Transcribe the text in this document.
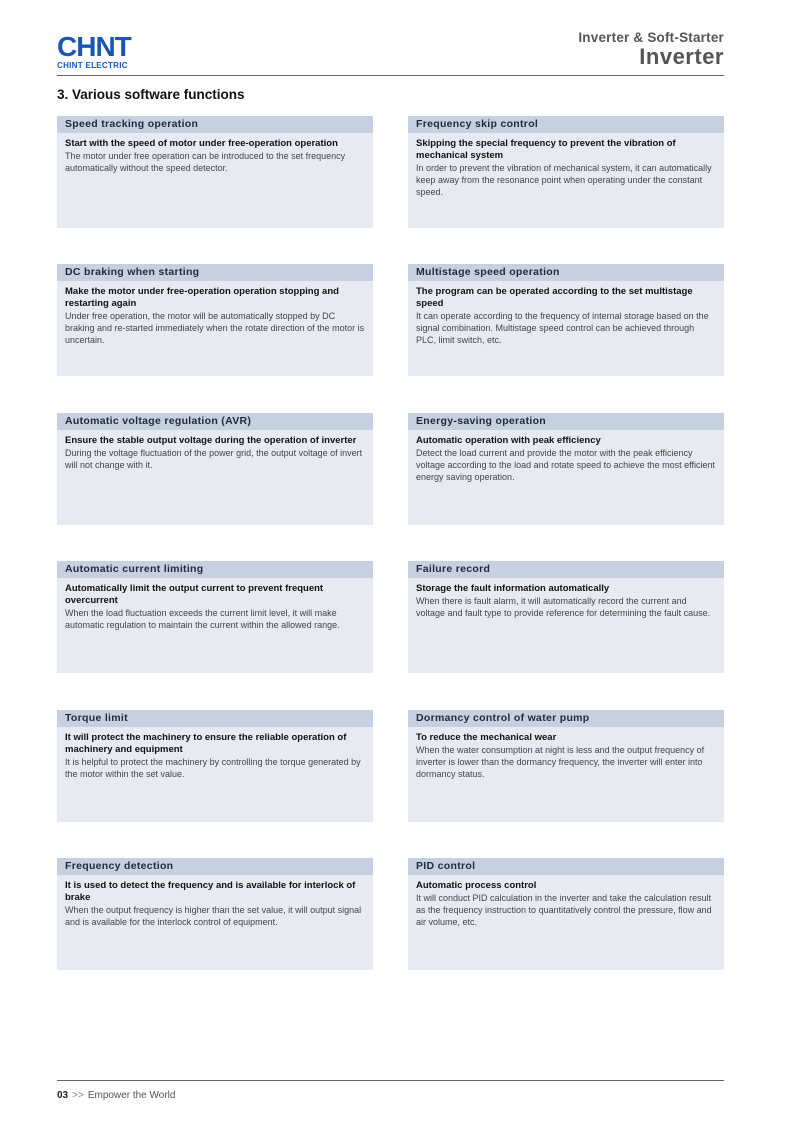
CHNT
CHINT ELECTRIC
Inverter & Soft-Starter
Inverter
3. Various software functions
Speed tracking operation
Start with the speed of motor under free-operation operation
The motor under free operation can be introduced to the set frequency automatically without the speed detector.
Frequency skip control
Skipping the special frequency to prevent the vibration of mechanical system
In order to prevent the vibration of mechanical system, it can automatically keep away from the resonance point when operating under the constant speed.
DC braking when starting
Make the motor under free-operation operation stopping and restarting again
Under free operation, the motor will be automatically stopped by DC braking and re-started immediately when the rotate direction of the motor is uncertain.
Multistage speed operation
The program can be operated according to the set multistage speed
It can operate according to the frequency of internal storage based on the signal combination. Multistage speed control can be achieved through PLC, limit switch, etc.
Automatic voltage regulation (AVR)
Ensure the stable output voltage during the operation of inverter
During the voltage fluctuation of the power grid, the output voltage of invert will not change with it.
Energy-saving operation
Automatic operation with peak efficiency
Detect the load current and provide the motor with the peak efficiency voltage according to the load and rotate speed to achieve the most efficient energy saving operation.
Automatic current limiting
Automatically limit the output current to prevent frequent overcurrent
When the load fluctuation exceeds the current limit level, it will make automatic regulation to maintain the current within the allowed range.
Failure record
Storage the fault information automatically
When there is fault alarm, it will automatically record the current and voltage and fault type to provide reference for determining the fault cause.
Torque limit
It will protect the machinery to ensure the reliable operation of machinery and equipment
It is helpful to protect the machinery by controlling the torque generated by the motor within the set value.
Dormancy control of water pump
To reduce the mechanical wear
When the water consumption at night is less and the output frequency of inverter is lower than the dormancy frequency, the inverter will enter into dormancy status.
Frequency detection
It is used to detect the frequency and is available for interlock of brake
When the output frequency is higher than the set value, it will output signal and is available for the interlock control of equipment.
PID control
Automatic process control
It will conduct PID calculation in the inverter and take the calculation result as the frequency instruction to quantitatively control the pressure, flow and air volume, etc.
03 >> Empower the World
